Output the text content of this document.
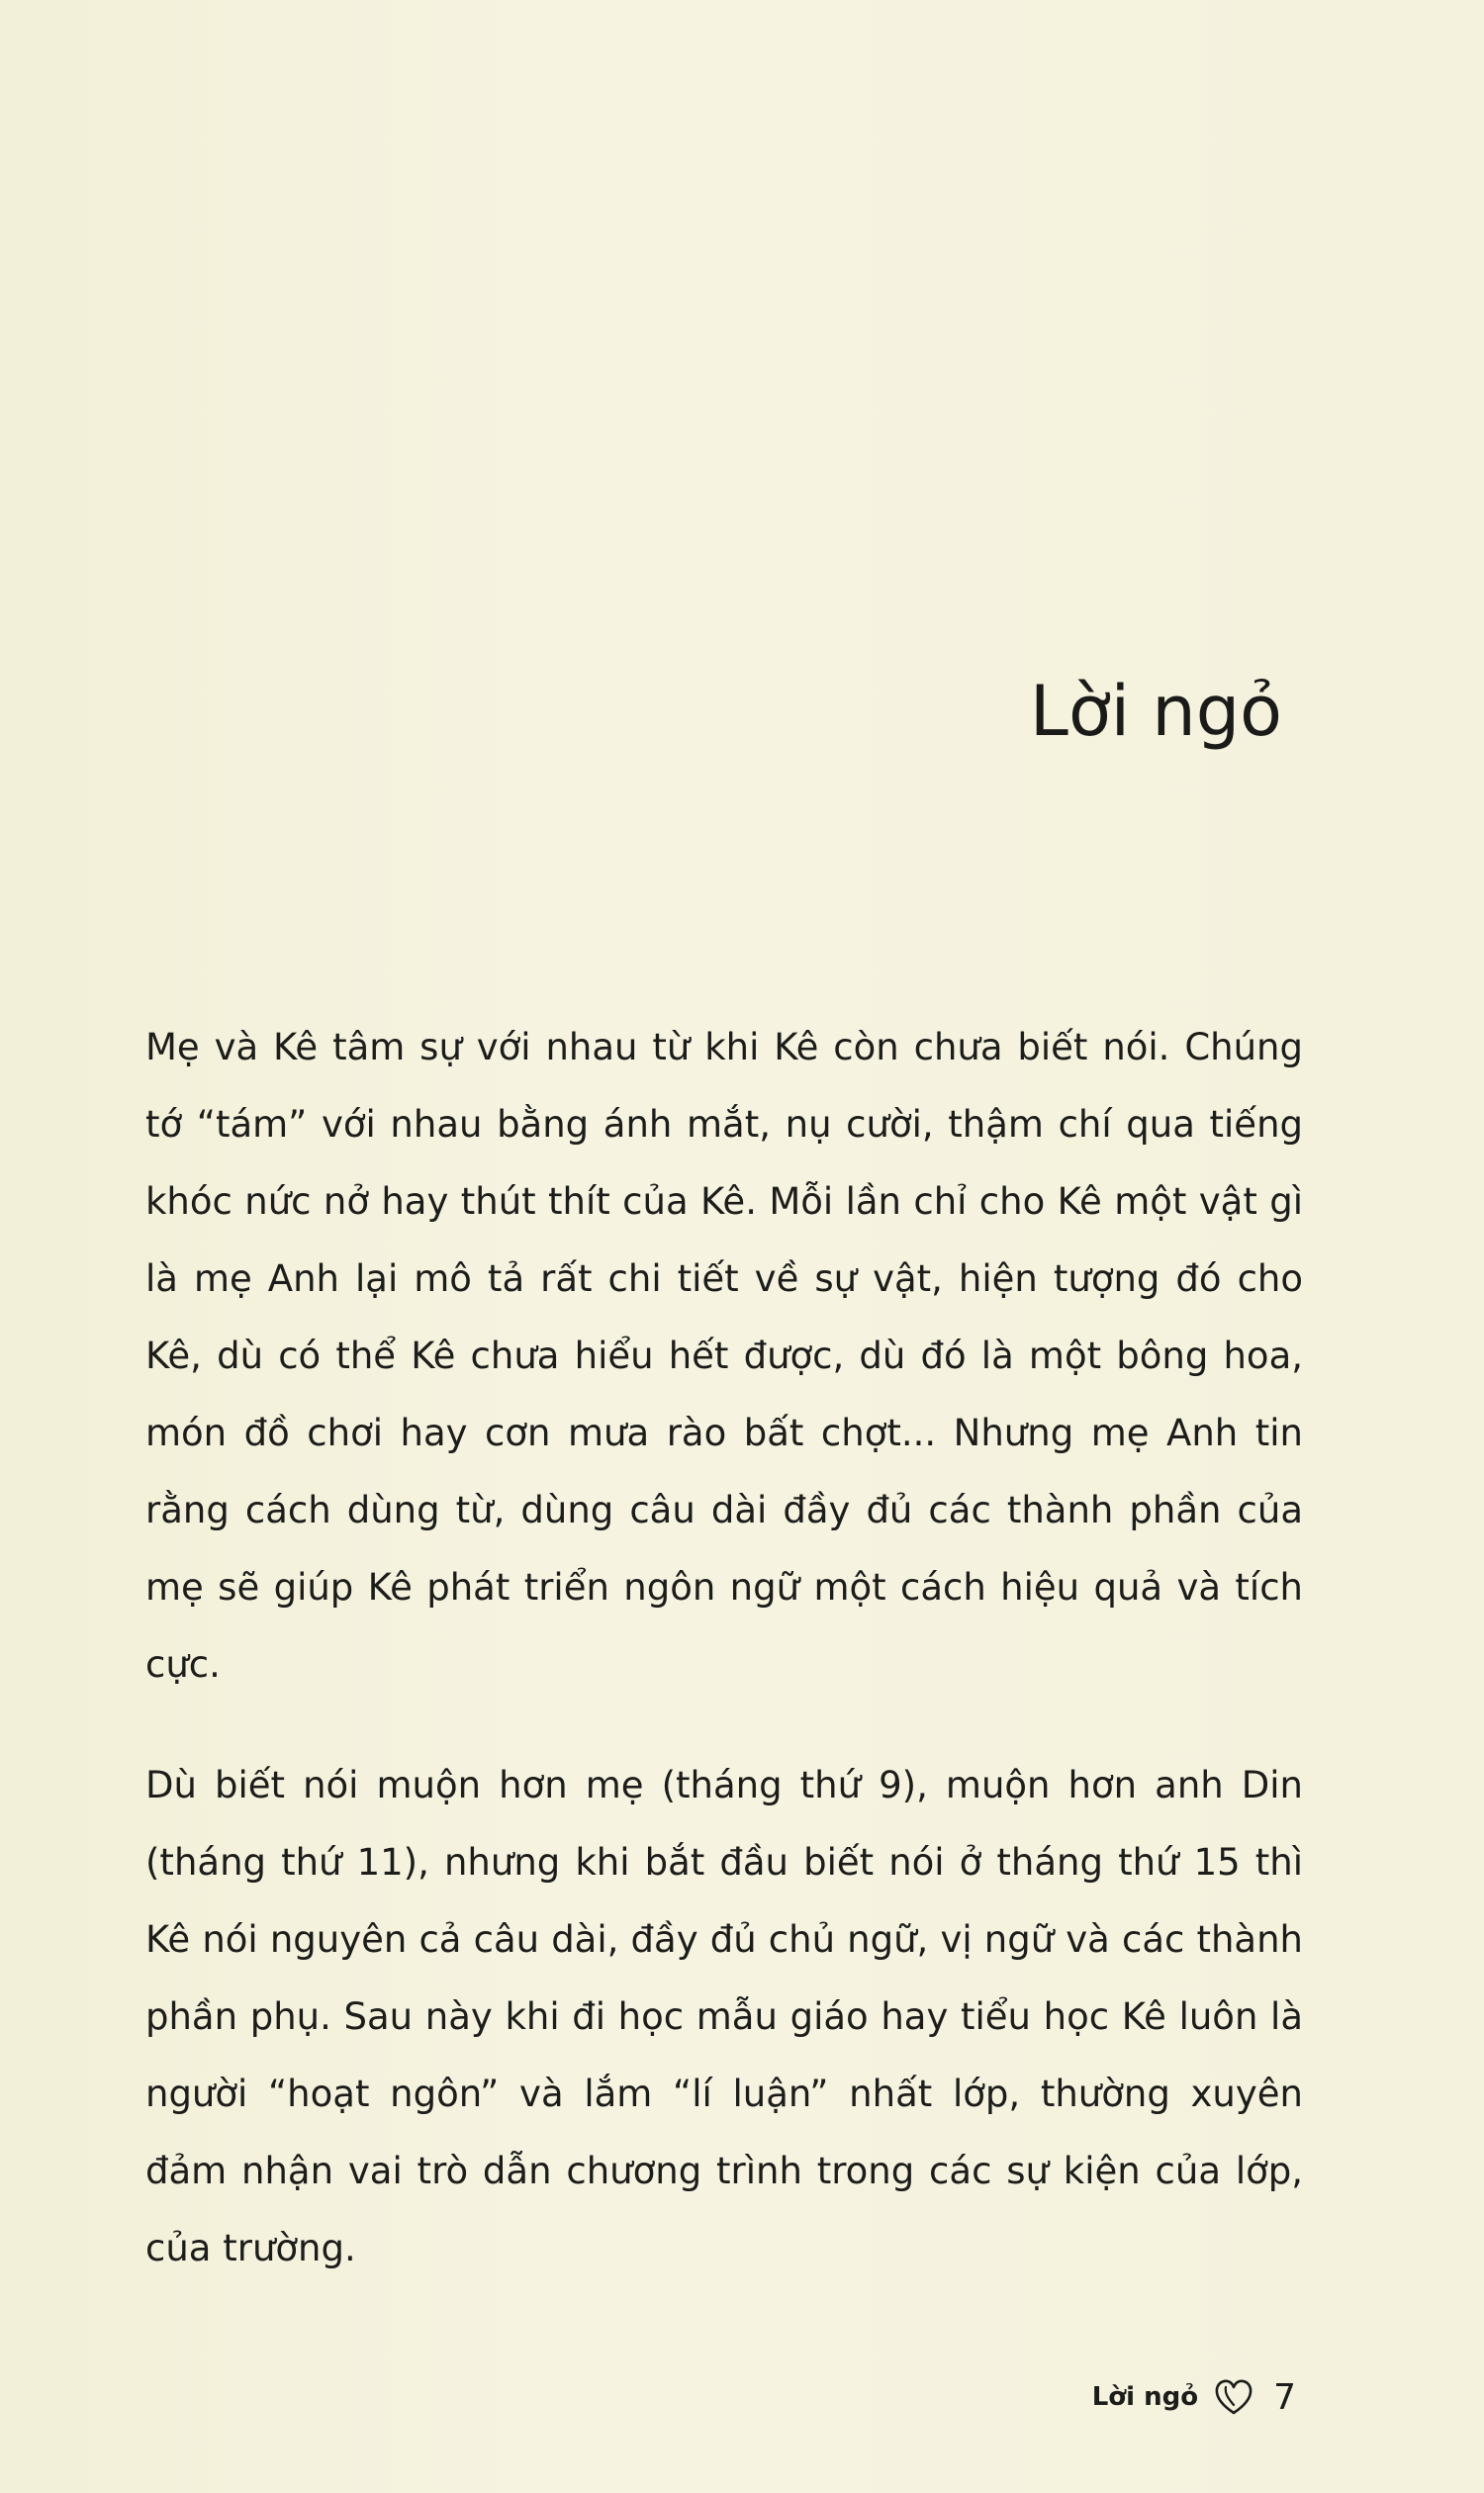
Lời ngỏ

Mẹ và Kê tâm sự với nhau từ khi Kê còn chưa biết nói. Chúng tớ “tám” với nhau bằng ánh mắt, nụ cười, thậm chí qua tiếng khóc nức nở hay thút thít của Kê. Mỗi lần chỉ cho Kê một vật gì là mẹ Anh lại mô tả rất chi tiết về sự vật, hiện tượng đó cho Kê, dù có thể Kê chưa hiểu hết được, dù đó là một bông hoa, món đồ chơi hay cơn mưa rào bất chợt... Nhưng mẹ Anh tin rằng cách dùng từ, dùng câu dài đầy đủ các thành phần của mẹ sẽ giúp Kê phát triển ngôn ngữ một cách hiệu quả và tích cực.

Dù biết nói muộn hơn mẹ (tháng thứ 9), muộn hơn anh Din (tháng thứ 11), nhưng khi bắt đầu biết nói ở tháng thứ 15 thì Kê nói nguyên cả câu dài, đầy đủ chủ ngữ, vị ngữ và các thành phần phụ. Sau này khi đi học mẫu giáo hay tiểu học Kê luôn là người “hoạt ngôn” và lắm “lí luận” nhất lớp, thường xuyên đảm nhận vai trò dẫn chương trình trong các sự kiện của lớp, của trường.

Lời ngỏ 7
